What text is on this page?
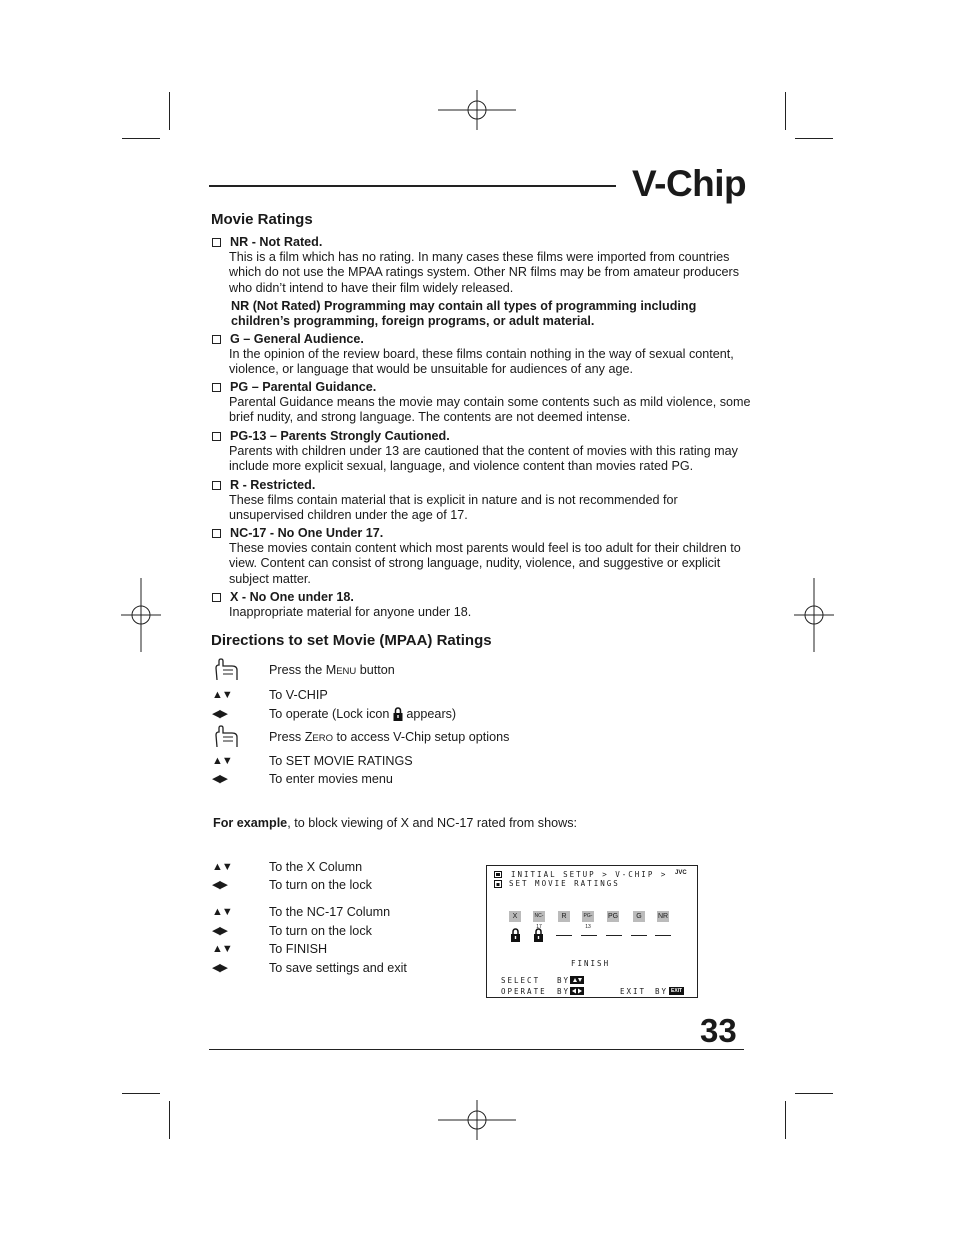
V-Chip
Movie Ratings
NR - Not Rated.
This is a film which has no rating. In many cases these films were imported from countries which do not use the MPAA ratings system. Other NR films may be from amateur producers who didn’t intend to have their film widely released.
NR (Not Rated) Programming may contain all types of programming including children’s programming, foreign programs, or adult material.
G – General Audience.
In the opinion of the review board, these films contain nothing in the way of sexual content, violence, or language that would be unsuitable for audiences of any age.
PG – Parental Guidance.
Parental Guidance means the movie may contain some contents such as mild violence, some brief nudity, and strong language. The contents are not deemed intense.
PG-13 – Parents Strongly Cautioned.
Parents with children under 13 are cautioned that the content of movies with this rating may include more explicit sexual, language, and violence content than movies rated PG.
R - Restricted.
These films contain material that is explicit in nature and is not recommended for unsupervised children under the age of 17.
NC-17 - No One Under 17.
These movies contain content which most parents would feel is too adult for their children to view. Content can consist of strong language, nudity, violence, and suggestive or explicit subject matter.
X - No One under 18.
Inappropriate material for anyone under 18.
Directions to set Movie (MPAA) Ratings
Press the MENU button
▲▼	To V-CHIP
◀▶	To operate (Lock icon  appears)
Press ZERO to access V-Chip setup options
▲▼	To SET MOVIE RATINGS
◀▶	To enter movies menu
For example, to block viewing of X and NC-17 rated from shows:
▲▼	To the X Column
◀▶	To turn on the lock
▲▼	To the NC-17 Column
◀▶	To turn on the lock
▲▼	To FINISH
◀▶	To save settings and exit
INITIAL SETUP > V-CHIP >
SET MOVIE RATINGS
JVC
X	NC-17
R	PG-13
PG	G	NR
FINISH
SELECT BY
OPERATE BY	EXIT BY EXIT
33
